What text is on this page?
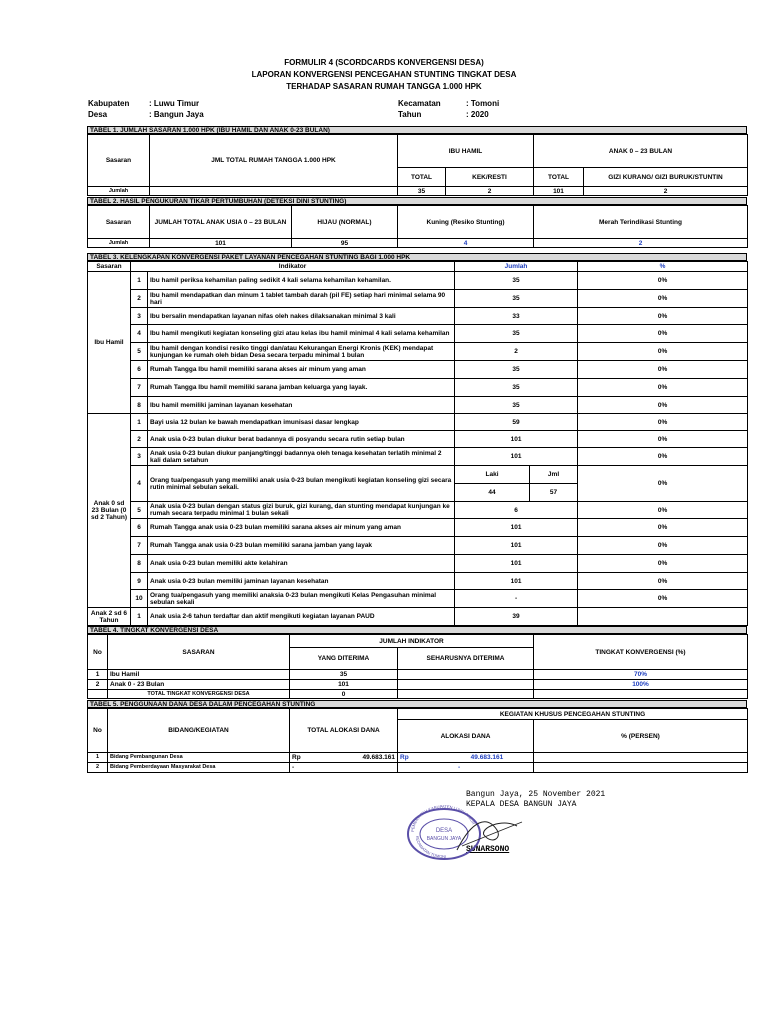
FORMULIR 4 (SCORDCARDS KONVERGENSI DESA)
LAPORAN KONVERGENSI PENCEGAHAN STUNTING TINGKAT DESA
TERHADAP SASARAN RUMAH TANGGA 1.000 HPK
Kabupaten : Luwu Timur
Desa	: Bangun Jaya
Kecamatan	: Tomoni
Tahun	: 2020
TABEL 1. JUMLAH SASARAN 1.000 HPK (IBU HAMIL DAN ANAK 0-23 BULAN)
Sasaran	JML TOTAL RUMAH TANGGA 1.000 HPK	IBU HAMIL		ANAK 0 – 23 BULAN	
		TOTAL	KEK/RESTI	TOTAL	GIZI KURANG/ GIZI BURUK/STUNTIN
Jumlah		35	2	101	2
TABEL 2. HASIL PENGUKURAN TIKAR PERTUMBUHAN (DETEKSI DINI STUNTING)
Sasaran	JUMLAH TOTAL ANAK USIA 0 – 23 BULAN	HIJAU (NORMAL)	Kuning (Resiko Stunting)	Merah Terindikasi Stunting
Jumlah	101	95	4	2
TABEL 3. KELENGKAPAN KONVERGENSI PAKET LAYANAN PENCEGAHAN STUNTING BAGI 1.000 HPK
Sasaran	Indikator		Jumlah		%
Ibu Hamil	1	Ibu hamil periksa kehamilan paling sedikit 4 kali selama kehamilan kehamilan.	35		0%
	2	Ibu hamil mendapatkan dan minum 1 tablet tambah darah (pil FE) setiap hari minimal selama 90 hari	35		0%
	3	Ibu bersalin mendapatkan layanan nifas oleh nakes dilaksanakan minimal 3 kali	33		0%
	4	Ibu hamil mengikuti kegiatan konseling gizi atau kelas ibu hamil minimal 4 kali selama kehamilan	35		0%
	5	Ibu hamil dengan kondisi resiko tinggi dan/atau Kekurangan Energi Kronis (KEK) mendapat kunjungan ke rumah oleh bidan Desa secara terpadu minimal 1 bulan	2		0%
	6	Rumah Tangga Ibu hamil memiliki sarana akses air minum yang aman	35		0%
	7	Rumah Tangga Ibu hamil memiliki sarana jamban keluarga yang layak.	35		0%
	8	Ibu hamil memiliki jaminan layanan kesehatan	35		0%
Anak 0 sd 23 Bulan (0 sd 2 Tahun)	1	Bayi usia 12 bulan ke bawah mendapatkan imunisasi dasar lengkap	59		0%
	2	Anak usia 0-23 bulan diukur berat badannya di posyandu secara rutin setiap bulan	101		0%
	3	Anak usia 0-23 bulan diukur panjang/tinggi badannya oleh tenaga kesehatan terlatih minimal 2 kali dalam setahun	101		0%
	4	Orang tua/pengasuh yang memiliki anak usia 0-23 bulan mengikuti kegiatan konseling gizi secara rutin minimal sebulan sekali.	Laki	Jml	0%
			44	57	
	5	Anak usia 0-23 bulan dengan status gizi buruk, gizi kurang, dan stunting mendapat kunjungan ke rumah secara terpadu minimal 1 bulan sekali	6		0%
	6	Rumah Tangga anak usia 0-23 bulan memiliki sarana akses air minum yang aman	101		0%
	7	Rumah Tangga anak usia 0-23 bulan memiliki sarana jamban yang layak	101		0%
	8	Anak usia 0-23 bulan memiliki akte kelahiran	101		0%
	9	Anak usia 0-23 bulan memiliki jaminan layanan kesehatan	101		0%
	10	Orang tua/pengasuh yang memiliki anaksia 0-23 bulan mengikuti Kelas Pengasuhan minimal sebulan sekali	-		0%
Anak 2 sd 6 Tahun	1	Anak usia 2-6 tahun terdaftar dan aktif mengikuti kegiatan layanan PAUD	39		
TABEL 4. TINGKAT KONVERGENSI DESA
No	SASARAN	JUMLAH INDIKATOR		TINGKAT KONVERGENSI (%)
		YANG DITERIMA	SEHARUSNYA DITERIMA	
1	Ibu Hamil	35		70%
2	Anak 0 - 23 Bulan	101		100%
	TOTAL TINGKAT KONVERGENSI DESA	0		
TABEL 5. PENGGUNAAN DANA DESA DALAM PENCEGAHAN STUNTING
No	BIDANG/KEGIATAN	TOTAL ALOKASI DANA	KEGIATAN KHUSUS PENCEGAHAN STUNTING	
			ALOKASI DANA	% (PERSEN)
1	Bidang Pembangunan Desa	Rp 49.683.161	Rp 49.683.161	
2	Bidang Pemberdayaan Masyarakat Desa	-	-	
Bangun Jaya, 25 November 2021
KEPALA DESA BANGUN JAYA
SUNARSONO
PEMERINTAH KABUPATEN LUWU TIMUR
KECAMATAN TOMONI
DESA
BANGUN JAYA
